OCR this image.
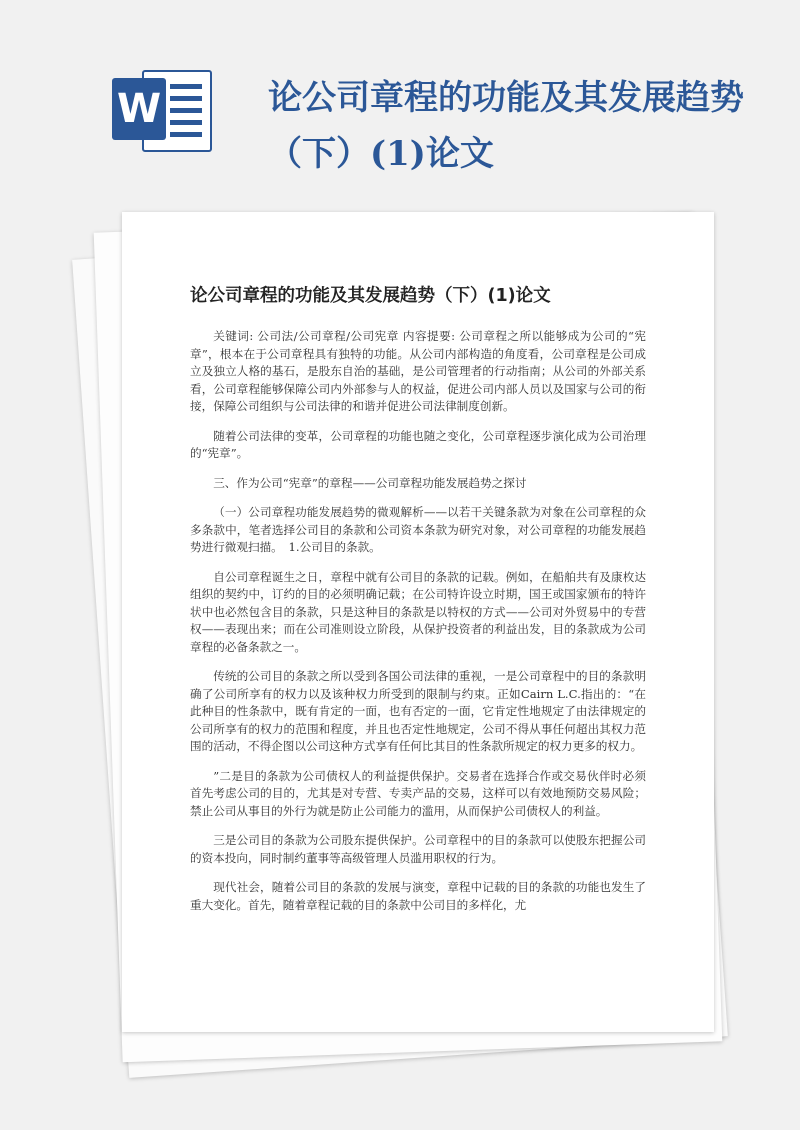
W	论公司章程的功能及其发展趋势（下）(1)论文
论公司章程的功能及其发展趋势（下）(1)论文

关键词: 公司法/公司章程/公司宪章 内容提要: 公司章程之所以能够成为公司的“宪章”，根本在于公司章程具有独特的功能。从公司内部构造的角度看，公司章程是公司成立及独立人格的基石，是股东自治的基础，是公司管理者的行动指南；从公司的外部关系看，公司章程能够保障公司内外部参与人的权益，促进公司内部人员以及国家与公司的衔接，保障公司组织与公司法律的和谐并促进公司法律制度创新。

随着公司法律的变革，公司章程的功能也随之变化，公司章程逐步演化成为公司治理的“宪章”。

三、作为公司“宪章”的章程——公司章程功能发展趋势之探讨

（一）公司章程功能发展趋势的微观解析——以若干关键条款为对象在公司章程的众多条款中，笔者选择公司目的条款和公司资本条款为研究对象，对公司章程的功能发展趋势进行微观扫描。　1.公司目的条款。

自公司章程诞生之日，章程中就有公司目的条款的记载。例如，在船舶共有及康枚达组织的契约中，订约的目的必须明确记载；在公司特许设立时期，国王或国家颁布的特许状中也必然包含目的条款，只是这种目的条款是以特权的方式——公司对外贸易中的专营权——表现出来；而在公司准则设立阶段，从保护投资者的利益出发，目的条款成为公司章程的必备条款之一。

传统的公司目的条款之所以受到各国公司法律的重视，一是公司章程中的目的条款明确了公司所享有的权力以及该种权力所受到的限制与约束。正如Cairn L.C.指出的：“在此种目的性条款中，既有肯定的一面，也有否定的一面，它肯定性地规定了由法律规定的公司所享有的权力的范围和程度，并且也否定性地规定，公司不得从事任何超出其权力范围的活动，不得企图以公司这种方式享有任何比其目的性条款所规定的权力更多的权力。

”二是目的条款为公司债权人的利益提供保护。交易者在选择合作或交易伙伴时必须首先考虑公司的目的，尤其是对专营、专卖产品的交易，这样可以有效地预防交易风险；禁止公司从事目的外行为就是防止公司能力的滥用，从而保护公司债权人的利益。

三是公司目的条款为公司股东提供保护。公司章程中的目的条款可以使股东把握公司的资本投向，同时制约董事等高级管理人员滥用职权的行为。

现代社会，随着公司目的条款的发展与演变，章程中记载的目的条款的功能也发生了重大变化。首先，随着章程记载的目的条款中公司目的多样化，尤
